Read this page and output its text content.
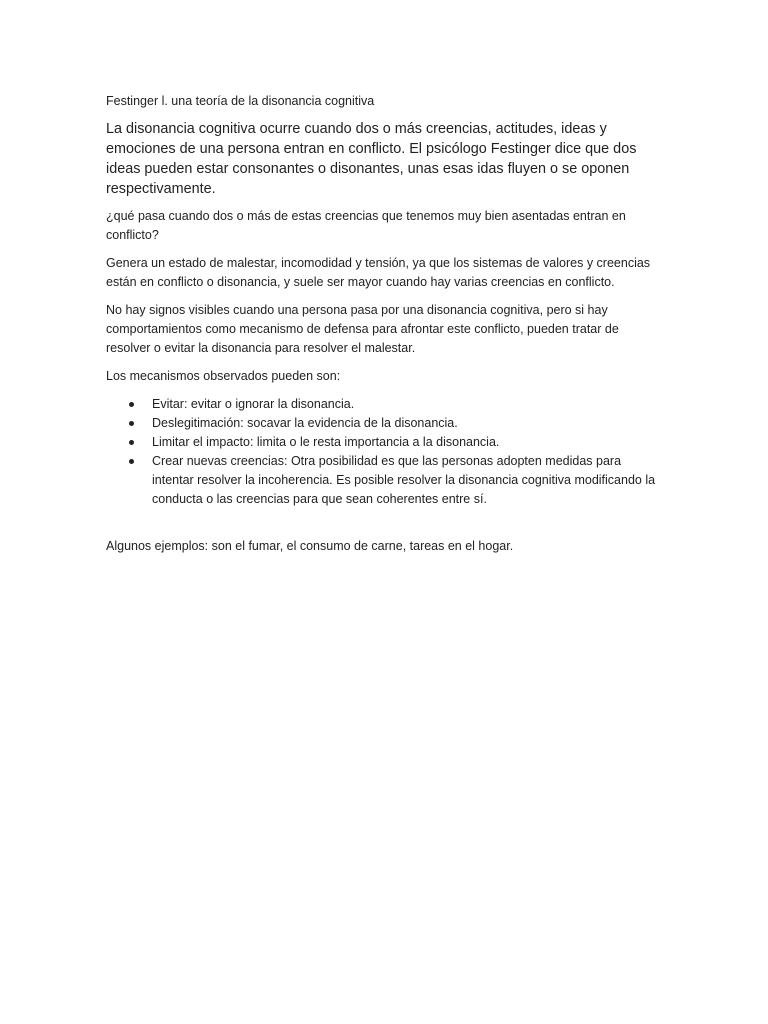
Festinger l. una teoría de la disonancia cognitiva

La disonancia cognitiva ocurre cuando dos o más creencias, actitudes, ideas y emociones de una persona entran en conflicto. El psicólogo Festinger dice que dos ideas pueden estar consonantes o disonantes, unas esas idas fluyen o se oponen respectivamente.

¿qué pasa cuando dos o más de estas creencias que tenemos muy bien asentadas entran en conflicto?

Genera un estado de malestar, incomodidad y tensión, ya que los sistemas de valores y creencias están en conflicto o disonancia, y suele ser mayor cuando hay varias creencias en conflicto.

No hay signos visibles cuando una persona pasa por una disonancia cognitiva, pero si hay comportamientos como mecanismo de defensa para afrontar este conflicto, pueden tratar de resolver o evitar la disonancia para resolver el malestar.

Los mecanismos observados pueden son:

Evitar: evitar o ignorar la disonancia.
Deslegitimación: socavar la evidencia de la disonancia.
Limitar el impacto: limita o le resta importancia a la disonancia.
Crear nuevas creencias: Otra posibilidad es que las personas adopten medidas para intentar resolver la incoherencia. Es posible resolver la disonancia cognitiva modificando la conducta o las creencias para que sean coherentes entre sí.

Algunos ejemplos: son el fumar, el consumo de carne, tareas en el hogar.
